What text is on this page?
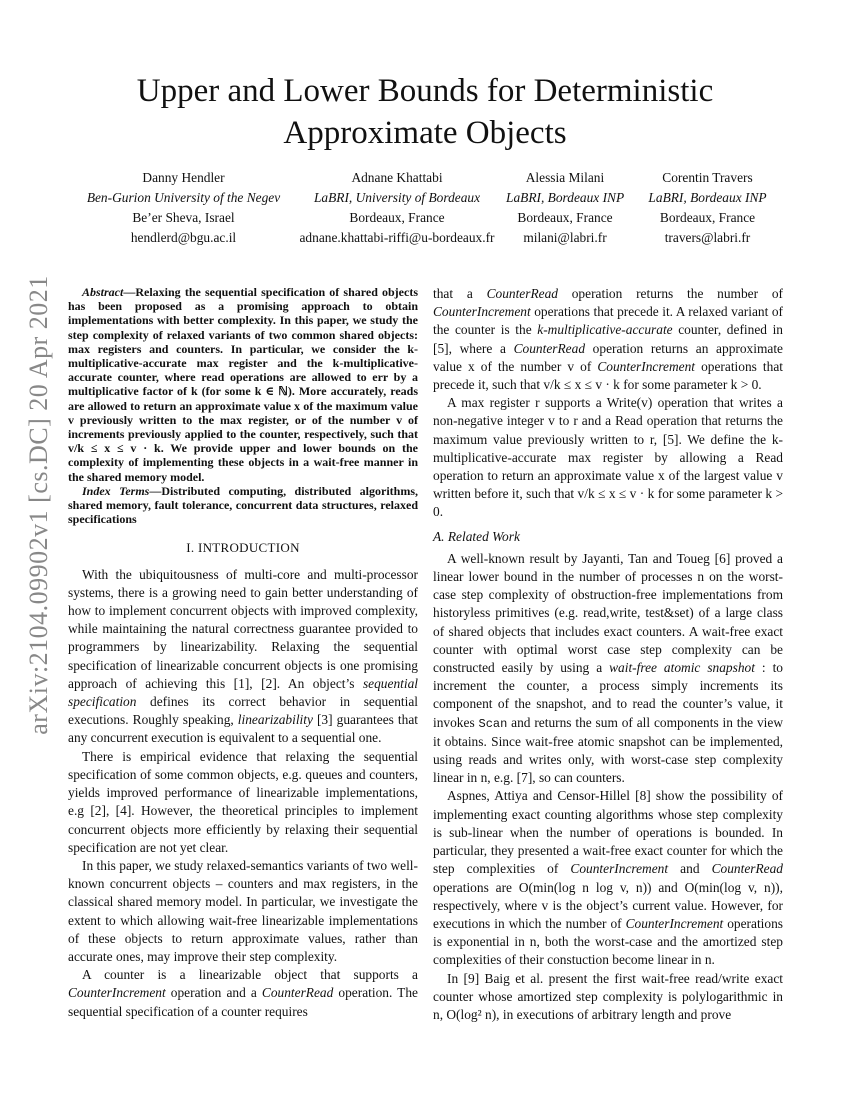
arXiv:2104.09902v1 [cs.DC] 20 Apr 2021
Upper and Lower Bounds for Deterministic Approximate Objects
Danny Hendler
Ben-Gurion University of the Negev
Be’er Sheva, Israel
hendlerd@bgu.ac.il
Adnane Khattabi
LaBRI, University of Bordeaux
Bordeaux, France
adnane.khattabi-riffi@u-bordeaux.fr
Alessia Milani
LaBRI, Bordeaux INP
Bordeaux, France
milani@labri.fr
Corentin Travers
LaBRI, Bordeaux INP
Bordeaux, France
travers@labri.fr

Abstract—Relaxing the sequential specification of shared objects has been proposed as a promising approach to obtain implementations with better complexity. In this paper, we study the step complexity of relaxed variants of two common shared objects: max registers and counters. In particular, we consider the k-multiplicative-accurate max register and the k-multiplicative-accurate counter, where read operations are allowed to err by a multiplicative factor of k (for some k ∈ ℕ). More accurately, reads are allowed to return an approximate value x of the maximum value v previously written to the max register, or of the number v of increments previously applied to the counter, respectively, such that v/k ≤ x ≤ v · k. We provide upper and lower bounds on the complexity of implementing these objects in a wait-free manner in the shared memory model.

Index Terms—Distributed computing, distributed algorithms, shared memory, fault tolerance, concurrent data structures, relaxed specifications

I. INTRODUCTION

With the ubiquitousness of multi-core and multi-processor systems, there is a growing need to gain better understanding of how to implement concurrent objects with improved complexity, while maintaining the natural correctness guarantee provided to programmers by linearizability. Relaxing the sequential specification of linearizable concurrent objects is one promising approach of achieving this [1], [2]. An object’s sequential specification defines its correct behavior in sequential executions. Roughly speaking, linearizability [3] guarantees that any concurrent execution is equivalent to a sequential one.

There is empirical evidence that relaxing the sequential specification of some common objects, e.g. queues and counters, yields improved performance of linearizable implementations, e.g [2], [4]. However, the theoretical principles to implement concurrent objects more efficiently by relaxing their sequential specification are not yet clear.

In this paper, we study relaxed-semantics variants of two well-known concurrent objects – counters and max registers, in the classical shared memory model. In particular, we investigate the extent to which allowing wait-free linearizable implementations of these objects to return approximate values, rather than accurate ones, may improve their step complexity.

A counter is a linearizable object that supports a CounterIncrement operation and a CounterRead operation. The sequential specification of a counter requires

that a CounterRead operation returns the number of CounterIncrement operations that precede it. A relaxed variant of the counter is the k-multiplicative-accurate counter, defined in [5], where a CounterRead operation returns an approximate value x of the number v of CounterIncrement operations that precede it, such that v/k ≤ x ≤ v · k for some parameter k > 0.

A max register r supports a Write(v) operation that writes a non-negative integer v to r and a Read operation that returns the maximum value previously written to r, [5]. We define the k-multiplicative-accurate max register by allowing a Read operation to return an approximate value x of the largest value v written before it, such that v/k ≤ x ≤ v · k for some parameter k > 0.

A. Related Work

A well-known result by Jayanti, Tan and Toueg [6] proved a linear lower bound in the number of processes n on the worst-case step complexity of obstruction-free implementations from historyless primitives (e.g. read,write, test&set) of a large class of shared objects that includes exact counters. A wait-free exact counter with optimal worst case step complexity can be constructed easily by using a wait-free atomic snapshot : to increment the counter, a process simply increments its component of the snapshot, and to read the counter’s value, it invokes Scan and returns the sum of all components in the view it obtains. Since wait-free atomic snapshot can be implemented, using reads and writes only, with worst-case step complexity linear in n, e.g. [7], so can counters.

Aspnes, Attiya and Censor-Hillel [8] show the possibility of implementing exact counting algorithms whose step complexity is sub-linear when the number of operations is bounded. In particular, they presented a wait-free exact counter for which the step complexities of CounterIncrement and CounterRead operations are O(min(log n log v, n)) and O(min(log v, n)), respectively, where v is the object’s current value. However, for executions in which the number of CounterIncrement operations is exponential in n, both the worst-case and the amortized step complexities of their constuction become linear in n.

In [9] Baig et al. present the first wait-free read/write exact counter whose amortized step complexity is polylogarithmic in n, O(log² n), in executions of arbitrary length and prove
